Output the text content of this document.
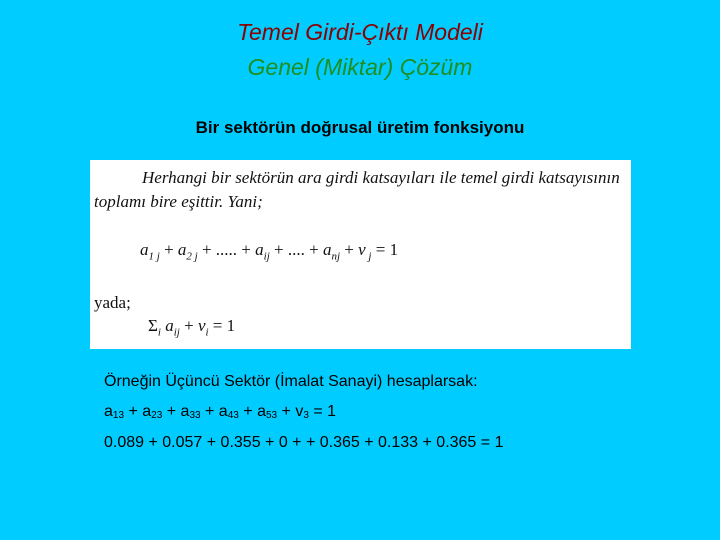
Temel Girdi-Çıktı Modeli
Genel (Miktar) Çözüm
Bir sektörün doğrusal üretim fonksiyonu
Herhangi bir sektörün ara girdi katsayıları ile temel girdi katsayısının
toplamı bire eşittir. Yani;
$a_{1 j} + a_{2 j}$ + ..... + $a_{ij}$ + .... + $a_{nj} + v$ $_j$ = 1
yada;
$\Sigma_i$ $a_{ij} + v_i = 1$
Örneğin Üçüncü Sektör (İmalat Sanayi) hesaplarsak:
$a_{13} + a_{23} + a_{33} + a_{43} + a_{53} + v_3 = 1$
0.089 + 0.057 + 0.355 + 0 + + 0.365 + 0.133 + 0.365 = 1
